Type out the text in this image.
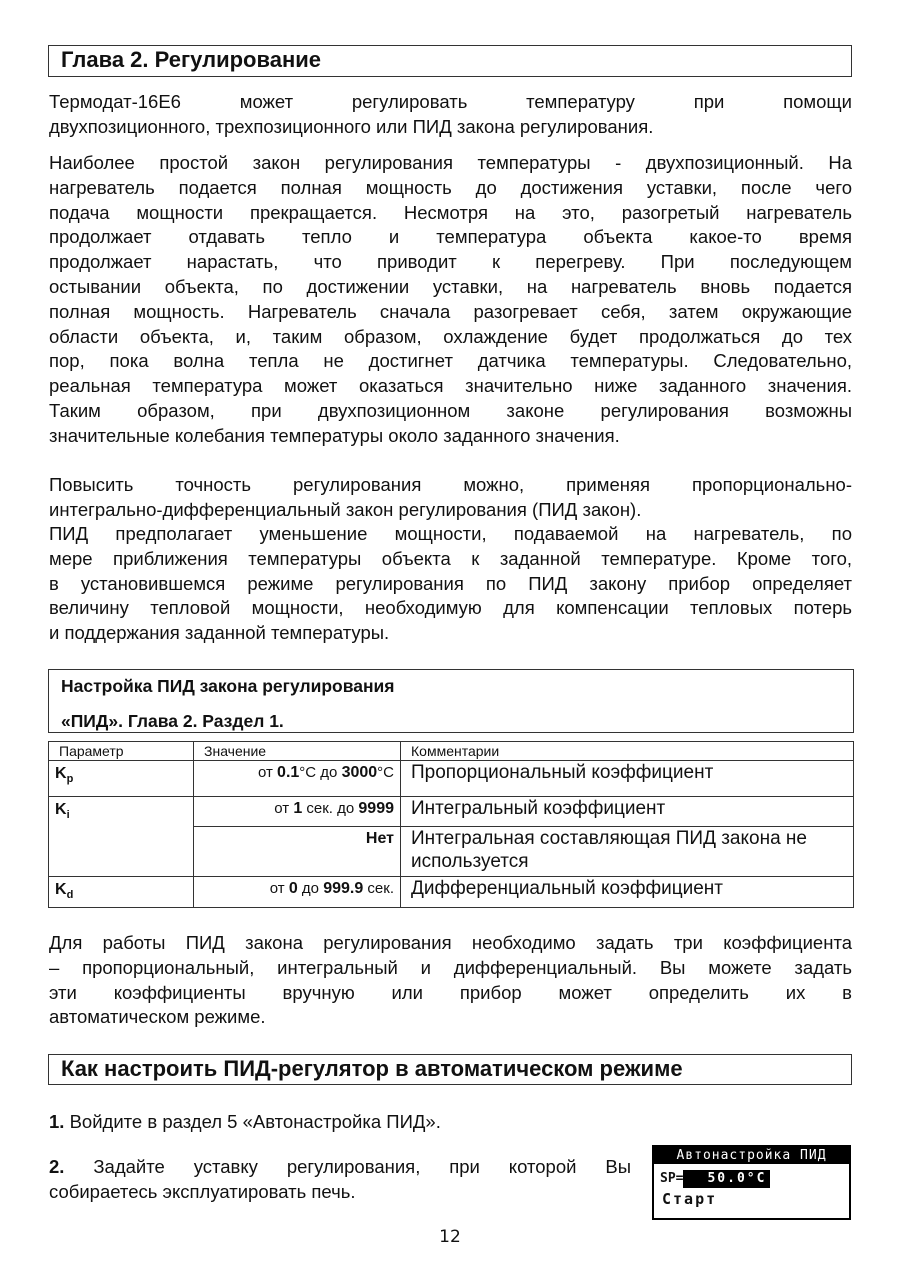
Глава 2. Регулирование
Термодат-16Е6 может регулировать температуру при помощи
двухпозиционного, трехпозиционного или ПИД закона регулирования.
Наиболее простой закон регулирования температуры - двухпозиционный. На
нагреватель подается полная мощность до достижения уставки, после чего
подача мощности прекращается. Несмотря на это, разогретый нагреватель
продолжает отдавать тепло и температура объекта какое-то время
продолжает нарастать, что приводит к перегреву. При последующем
остывании объекта, по достижении уставки, на нагреватель вновь подается
полная мощность. Нагреватель сначала разогревает себя, затем окружающие
области объекта, и, таким образом, охлаждение будет продолжаться до тех
пор, пока волна тепла не достигнет датчика температуры. Следовательно,
реальная температура может оказаться значительно ниже заданного значения.
Таким образом, при двухпозиционном законе регулирования возможны
значительные колебания температуры около заданного значения.
Повысить точность регулирования можно, применяя пропорционально-
интегрально-дифференциальный закон регулирования (ПИД закон).
ПИД предполагает уменьшение мощности, подаваемой на нагреватель, по
мере приближения температуры объекта к заданной температуре. Кроме того,
в установившемся режиме регулирования по ПИД закону прибор определяет
величину тепловой мощности, необходимую для компенсации тепловых потерь
и поддержания заданной температуры.
Настройка ПИД закона регулирования
«ПИД». Глава 2. Раздел 1.
Параметр	Значение	Комментарии
$K_p$	от 0.1°C до 3000°C	Пропорциональный коэффициент
$K_i$	от 1 сек. до 9999	Интегральный коэффициент
	Нет	Интегральная составляющая ПИД закона не используется
$K_d$	от 0 до 999.9 сек.	Дифференциальный коэффициент
Для работы ПИД закона регулирования необходимо задать три коэффициента
– пропорциональный, интегральный и дифференциальный. Вы можете задать
эти коэффициенты вручную или прибор может определить их в
автоматическом режиме.
Как настроить ПИД-регулятор в автоматическом режиме
1. Войдите в раздел 5 «Автонастройка ПИД».
2. Задайте уставку регулирования, при которой Вы
собираетесь эксплуатировать печь.
Автонастройка ПИД
SP= 50.0°C
Старт
12
